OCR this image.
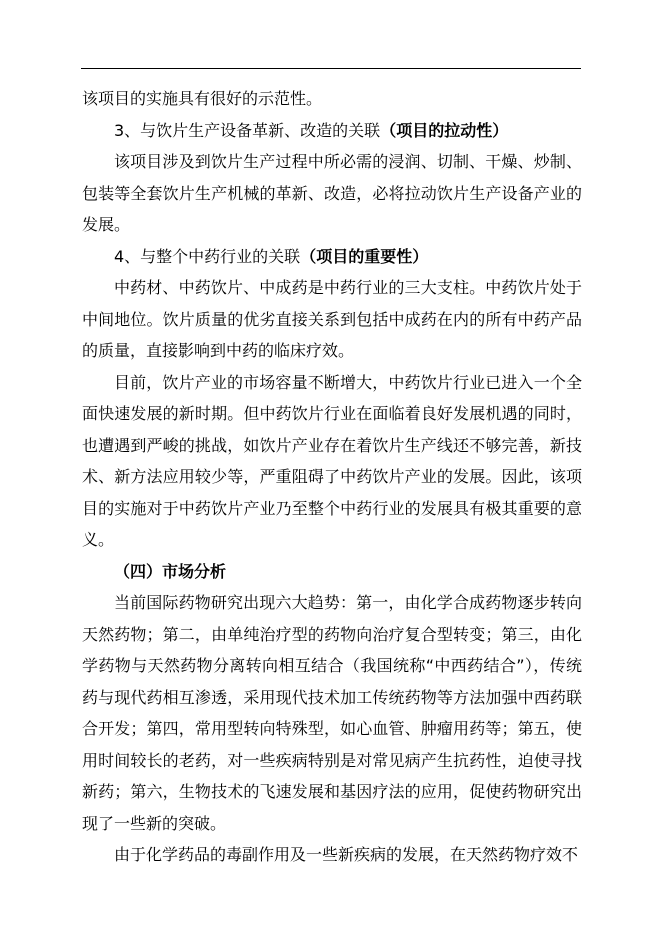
该项目的实施具有很好的示范性。

3、与饮片生产设备革新、改造的关联（项目的拉动性）

该项目涉及到饮片生产过程中所必需的浸润、切制、干燥、炒制、包装等全套饮片生产机械的革新、改造，必将拉动饮片生产设备产业的发展。

4、与整个中药行业的关联（项目的重要性）

中药材、中药饮片、中成药是中药行业的三大支柱。中药饮片处于中间地位。饮片质量的优劣直接关系到包括中成药在内的所有中药产品的质量，直接影响到中药的临床疗效。

目前，饮片产业的市场容量不断增大，中药饮片行业已进入一个全面快速发展的新时期。但中药饮片行业在面临着良好发展机遇的同时，也遭遇到严峻的挑战，如饮片产业存在着饮片生产线还不够完善，新技术、新方法应用较少等，严重阻碍了中药饮片产业的发展。因此，该项目的实施对于中药饮片产业乃至整个中药行业的发展具有极其重要的意义。

（四）市场分析

当前国际药物研究出现六大趋势：第一，由化学合成药物逐步转向天然药物；第二，由单纯治疗型的药物向治疗复合型转变；第三，由化学药物与天然药物分离转向相互结合（我国统称“中西药结合”），传统药与现代药相互渗透，采用现代技术加工传统药物等方法加强中西药联合开发；第四，常用型转向特殊型，如心血管、肿瘤用药等；第五，使用时间较长的老药，对一些疾病特别是对常见病产生抗药性，迫使寻找新药；第六，生物技术的飞速发展和基因疗法的应用，促使药物研究出现了一些新的突破。

由于化学药品的毒副作用及一些新疾病的发展，在天然药物疗效不
